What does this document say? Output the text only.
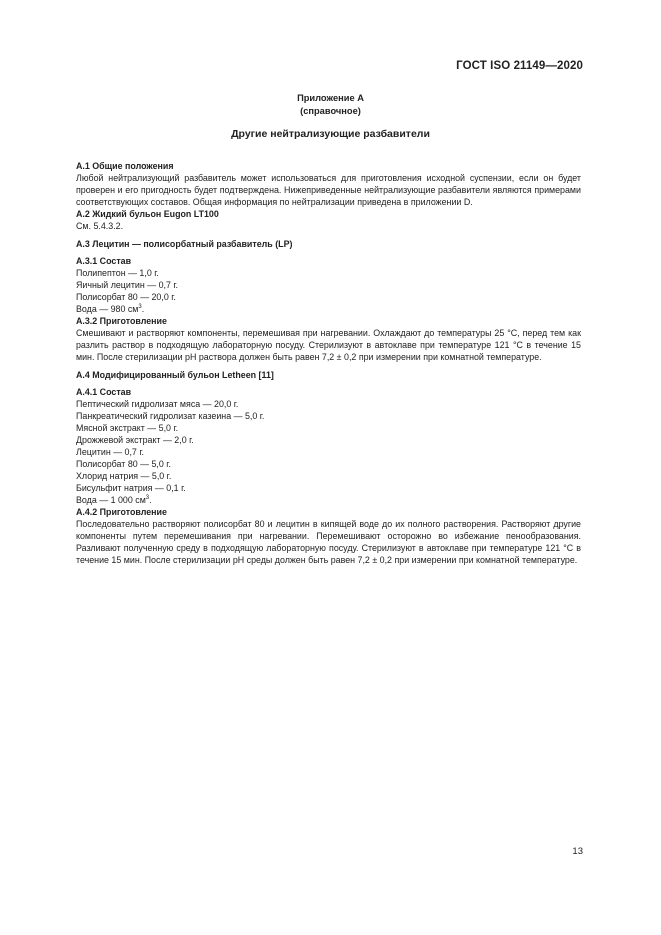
ГОСТ ISO 21149—2020
Приложение А
(справочное)
Другие нейтрализующие разбавители
А.1 Общие положения
Любой нейтрализующий разбавитель может использоваться для приготовления исходной суспензии, если он будет проверен и его пригодность будет подтверждена. Нижеприведенные нейтрализующие разбавители являются примерами соответствующих составов. Общая информация по нейтрализации приведена в приложении D.
А.2 Жидкий бульон Eugon LT100
См. 5.4.3.2.
А.3 Лецитин — полисорбатный разбавитель (LP)
А.3.1 Состав
Полипептон — 1,0 г.
Яичный лецитин — 0,7 г.
Полисорбат 80 — 20,0 г.
Вода — 980 $см^3$.
А.3.2 Приготовление
Смешивают и растворяют компоненты, перемешивая при нагревании. Охлаждают до температуры 25 °C, перед тем как разлить раствор в подходящую лабораторную посуду. Стерилизуют в автоклаве при температуре 121 °C в течение 15 мин. После стерилизации рН раствора должен быть равен 7,2 ± 0,2 при измерении при комнатной температуре.
А.4 Модифицированный бульон Letheen [11]
А.4.1 Состав
Пептический гидролизат мяса — 20,0 г.
Панкреатический гидролизат казеина — 5,0 г.
Мясной экстракт — 5,0 г.
Дрожжевой экстракт — 2,0 г.
Лецитин — 0,7 г.
Полисорбат 80 — 5,0 г.
Хлорид натрия — 5,0 г.
Бисульфит натрия — 0,1 г.
Вода — 1 000 $см^3$.
А.4.2 Приготовление
Последовательно растворяют полисорбат 80 и лецитин в кипящей воде до их полного растворения. Растворяют другие компоненты путем перемешивания при нагревании. Перемешивают осторожно во избежание пенообразования. Разливают полученную среду в подходящую лабораторную посуду. Стерилизуют в автоклаве при температуре 121 °C в течение 15 мин. После стерилизации рН среды должен быть равен 7,2 ± 0,2 при измерении при комнатной температуре.
13
